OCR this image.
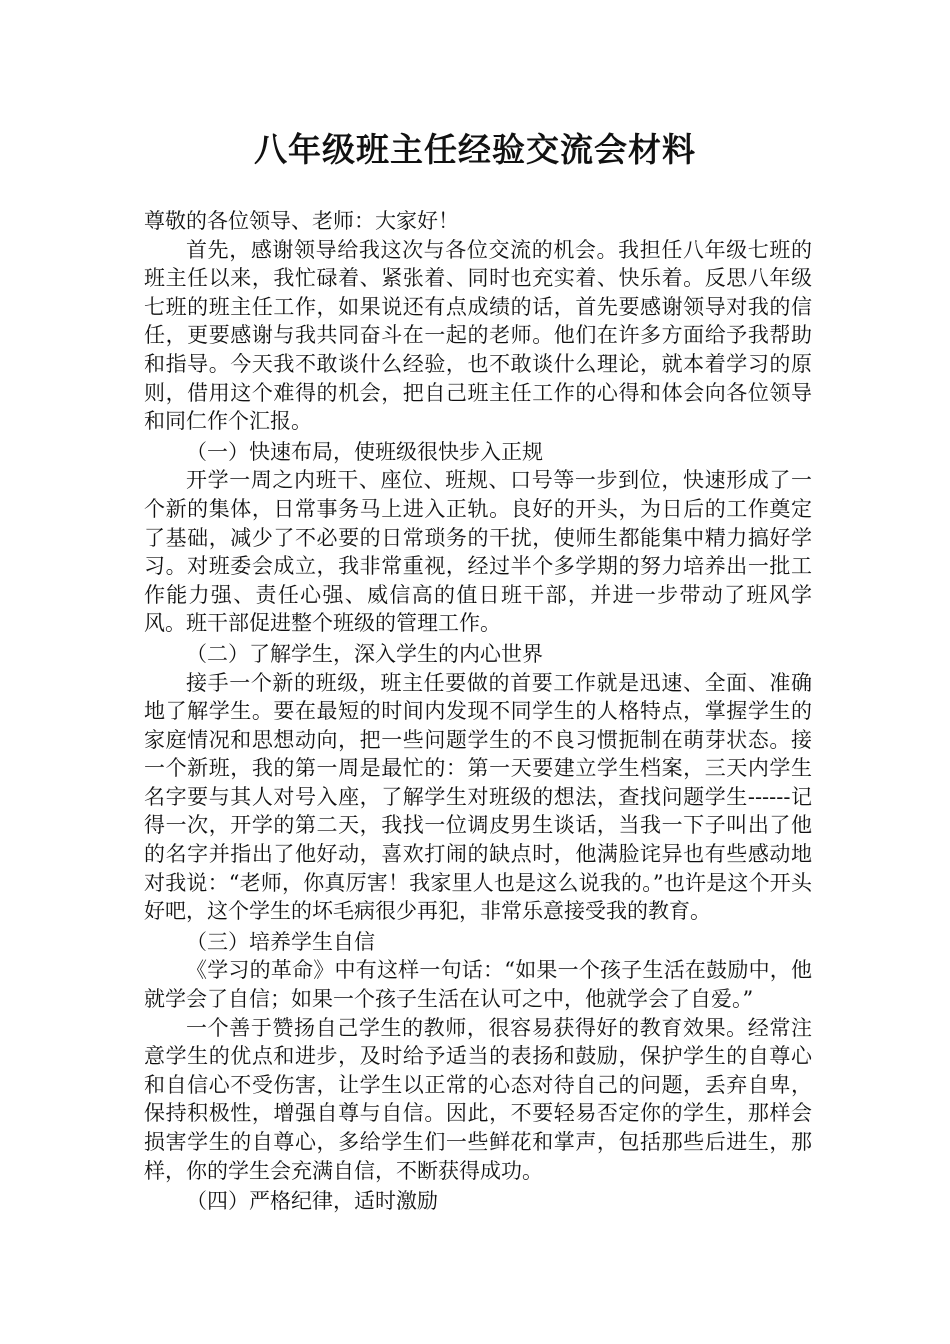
八年级班主任经验交流会材料

尊敬的各位领导、老师：大家好！

首先，感谢领导给我这次与各位交流的机会。我担任八年级七班的班主任以来，我忙碌着、紧张着、同时也充实着、快乐着。反思八年级七班的班主任工作，如果说还有点成绩的话，首先要感谢领导对我的信任，更要感谢与我共同奋斗在一起的老师。他们在许多方面给予我帮助和指导。今天我不敢谈什么经验，也不敢谈什么理论，就本着学习的原则，借用这个难得的机会，把自己班主任工作的心得和体会向各位领导和同仁作个汇报。

（一）快速布局，使班级很快步入正规

开学一周之内班干、座位、班规、口号等一步到位，快速形成了一个新的集体，日常事务马上进入正轨。良好的开头，为日后的工作奠定了基础，减少了不必要的日常琐务的干扰，使师生都能集中精力搞好学习。对班委会成立，我非常重视，经过半个多学期的努力培养出一批工作能力强、责任心强、威信高的值日班干部，并进一步带动了班风学风。班干部促进整个班级的管理工作。

（二）了解学生，深入学生的内心世界

接手一个新的班级，班主任要做的首要工作就是迅速、全面、准确地了解学生。要在最短的时间内发现不同学生的人格特点，掌握学生的家庭情况和思想动向，把一些问题学生的不良习惯扼制在萌芽状态。接一个新班，我的第一周是最忙的：第一天要建立学生档案，三天内学生名字要与其人对号入座，了解学生对班级的想法，查找问题学生------记得一次，开学的第二天，我找一位调皮男生谈话，当我一下子叫出了他的名字并指出了他好动，喜欢打闹的缺点时，他满脸诧异也有些感动地对我说：“老师，你真厉害！我家里人也是这么说我的。”也许是这个开头好吧，这个学生的坏毛病很少再犯，非常乐意接受我的教育。

（三）培养学生自信

《学习的革命》中有这样一句话：“如果一个孩子生活在鼓励中，他就学会了自信；如果一个孩子生活在认可之中，他就学会了自爱。”

一个善于赞扬自己学生的教师，很容易获得好的教育效果。经常注意学生的优点和进步，及时给予适当的表扬和鼓励，保护学生的自尊心和自信心不受伤害，让学生以正常的心态对待自己的问题，丢弃自卑，保持积极性，增强自尊与自信。因此，不要轻易否定你的学生，那样会损害学生的自尊心，多给学生们一些鲜花和掌声，包括那些后进生，那样，你的学生会充满自信，不断获得成功。

（四）严格纪律，适时激励
